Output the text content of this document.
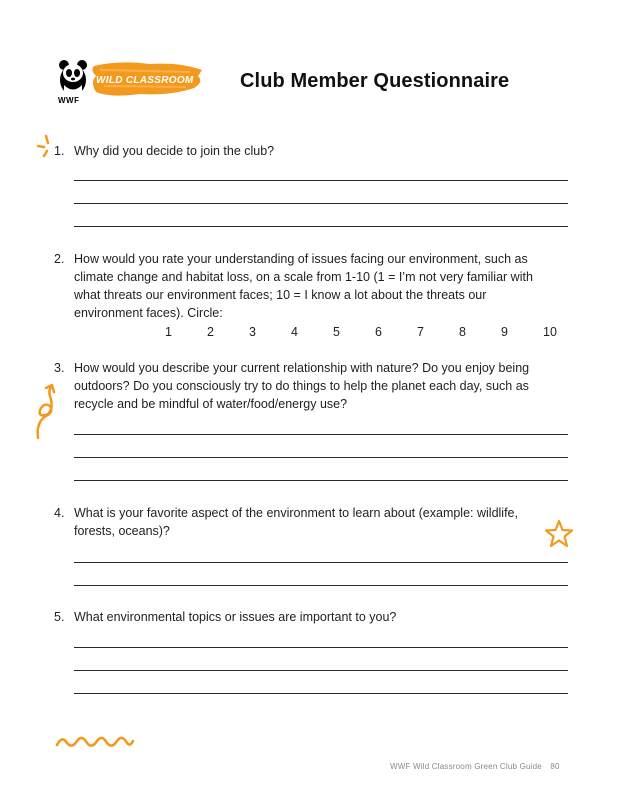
WWF
WILD CLASSROOM	Club Member Questionnaire
1. Why did you decide to join the club?
2. How would you rate your understanding of issues facing our environment, such as climate change and habitat loss, on a scale from 1-10 (1 = I’m not very familiar with what threats our environment faces; 10 = I know a lot about the threats our environment faces). Circle:
1	2	3	4	5	6	7	8	9	10
3. How would you describe your current relationship with nature? Do you enjoy being outdoors? Do you consciously try to do things to help the planet each day, such as recycle and be mindful of water/food/energy use?
4. What is your favorite aspect of the environment to learn about (example: wildlife, forests, oceans)?
5. What environmental topics or issues are important to you?
WWF Wild Classroom Green Club Guide 80
